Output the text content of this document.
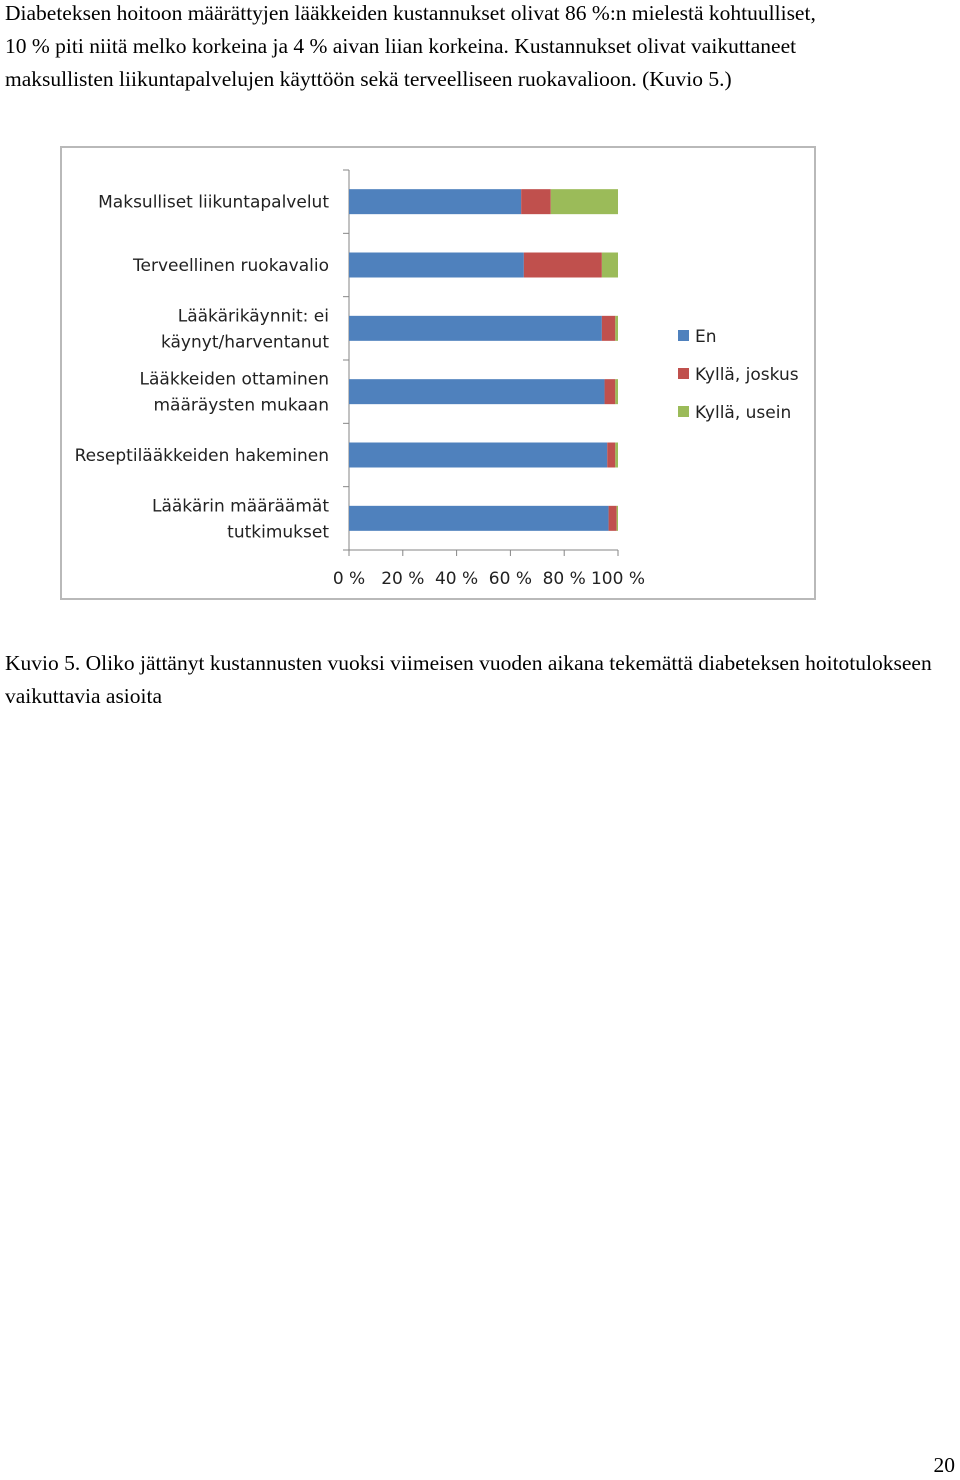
Diabeteksen hoitoon määrättyjen lääkkeiden kustannukset olivat 86 %:n mielestä kohtuulliset,
10 % piti niitä melko korkeina ja 4 % aivan liian korkeina. Kustannukset olivat vaikuttaneet
maksullisten liikuntapalvelujen käyttöön sekä terveelliseen ruokavalioon. (Kuvio 5.)

Maksulliset liikuntapalvelut
Terveellinen ruokavalio
Lääkärikäynnit: ei
käynyt/harventanut
Lääkkeiden ottaminen
määräysten mukaan
Reseptilääkkeiden hakeminen
Lääkärin määräämät
tutkimukset
0 % 20 % 40 % 60 % 80 % 100 %
En
Kyllä, joskus
Kyllä, usein

Kuvio 5. Oliko jättänyt kustannusten vuoksi viimeisen vuoden aikana tekemättä diabeteksen hoitotulokseen vaikuttavia asioita

20
